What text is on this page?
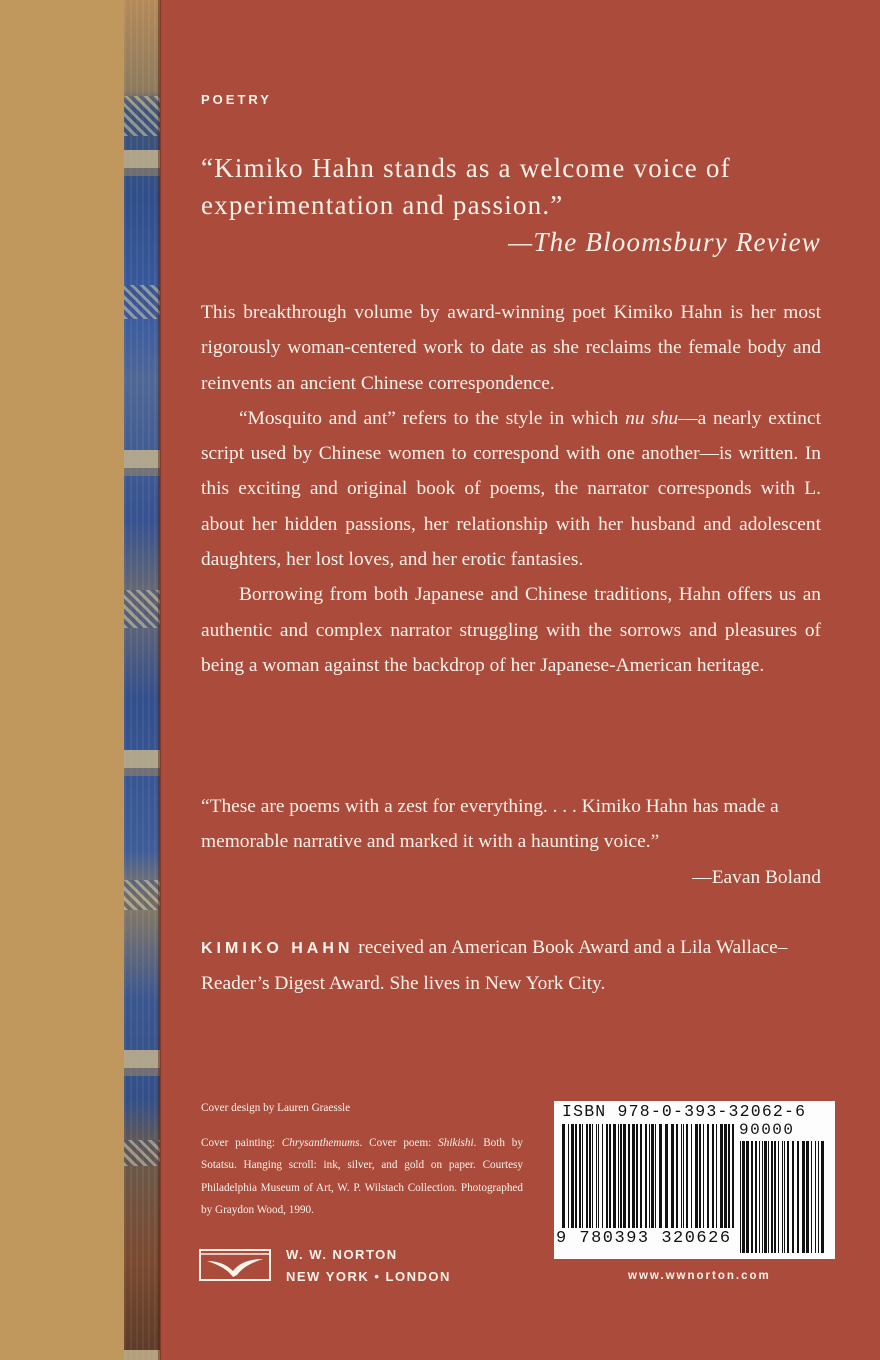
POETRY
“Kimiko Hahn stands as a welcome voice of experimentation and passion.”
—The Bloomsbury Review

This breakthrough volume by award-winning poet Kimiko Hahn is her most rigorously woman-centered work to date as she reclaims the female body and reinvents an ancient Chinese correspondence.

“Mosquito and ant” refers to the style in which nu shu—a nearly extinct script used by Chinese women to correspond with one another—is written. In this exciting and original book of poems, the narrator corresponds with L. about her hidden passions, her relationship with her husband and adolescent daughters, her lost loves, and her erotic fantasies.

Borrowing from both Japanese and Chinese traditions, Hahn offers us an authentic and complex narrator struggling with the sorrows and pleasures of being a woman against the backdrop of her Japanese-American heritage.

“These are poems with a zest for everything. . . . Kimiko Hahn has made a memorable narrative and marked it with a haunting voice.”
—Eavan Boland
KIMIKO HAHN received an American Book Award and a Lila Wallace–Reader’s Digest Award. She lives in New York City.

Cover design by Lauren Graessle

Cover painting: Chrysanthemums. Cover poem: Shikishi. Both by Sotatsu. Hanging scroll: ink, silver, and gold on paper. Courtesy Philadelphia Museum of Art, W. P. Wilstach Collection. Photographed by Graydon Wood, 1990.

W. W. NORTON
NEW YORK • LONDON
ISBN 978-0-393-32062-6
9 780393 320626
90000
www.wwnorton.com
